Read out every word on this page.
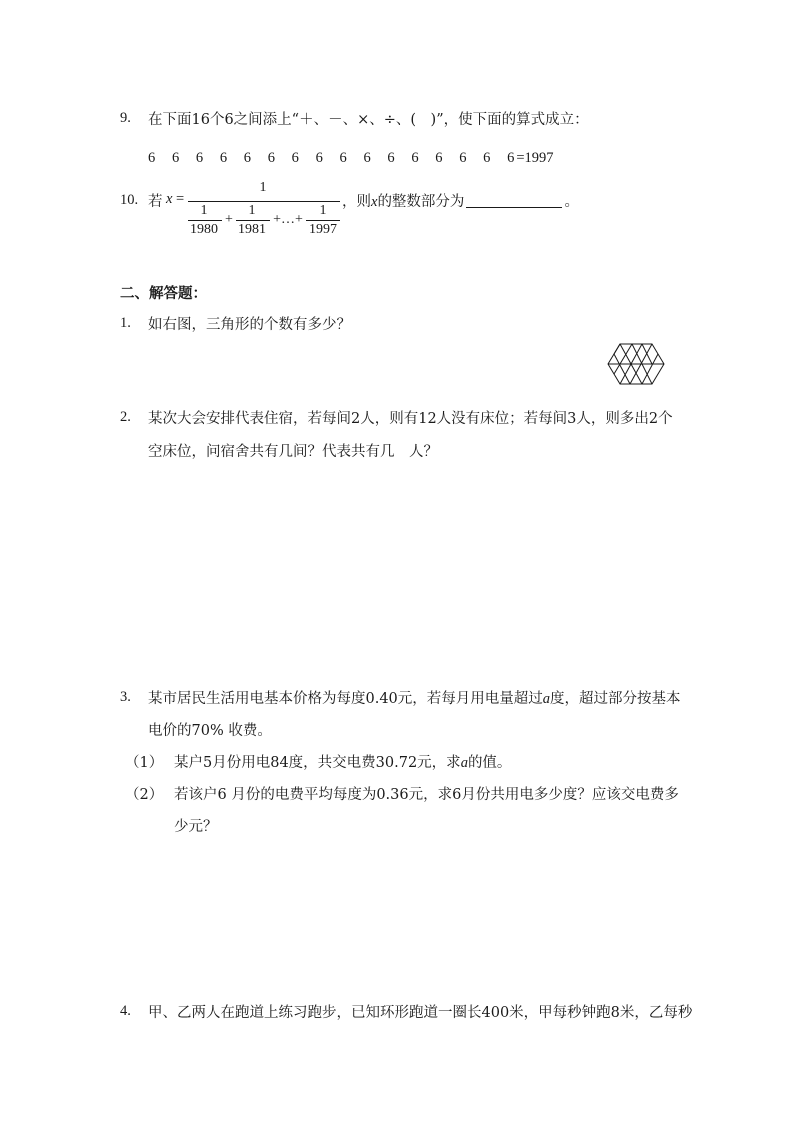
9. 在下面16个6之间添上“＋、－、×、÷、(　)”，使下面的算式成立：
6 6 6 6 6 6 6 6 6 6 6 6 6 6 6 6 =1997
10. 若 x =
1
1
1980
+
1
1981
+…+
1
1997
，则x的整数部分为	。
二、解答题：
1. 如右图，三角形的个数有多少？
2. 某次大会安排代表住宿，若每间2人，则有12人没有床位；若每间3人，则多出2个
空床位，问宿舍共有几间？代表共有几　人？
3. 某市居民生活用电基本价格为每度0.40元，若每月用电量超过a度，超过部分按基本
电价的70% 收费。
（1） 某户5月份用电84度，共交电费30.72元，求a的值。
（2） 若该户6 月份的电费平均每度为0.36元，求6月份共用电多少度？应该交电费多
少元？
4. 甲、乙两人在跑道上练习跑步，已知环形跑道一圈长400米，甲每秒钟跑8米，乙每秒
